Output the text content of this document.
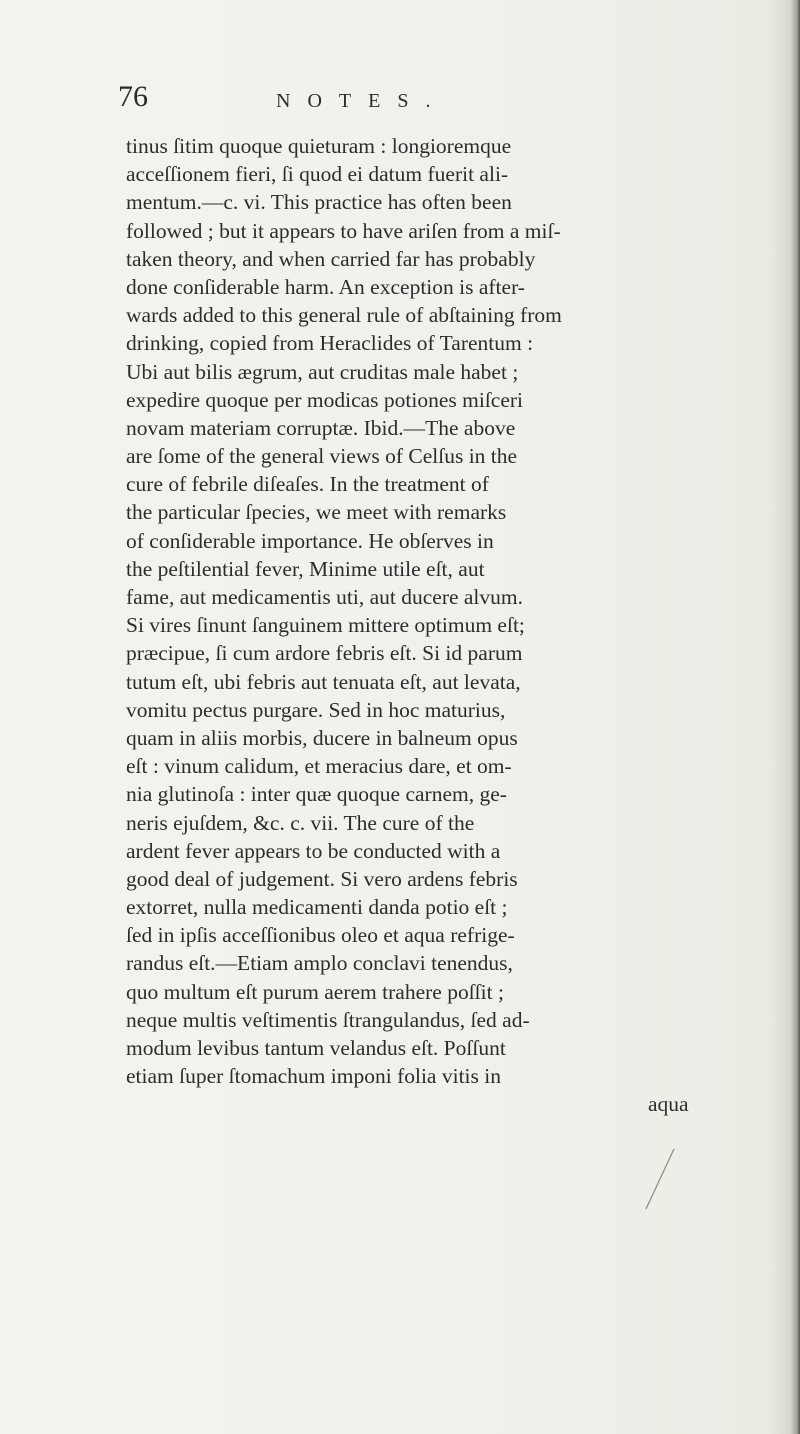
76	NOTES.
tinus ſitim quoque quieturam : longioremque
acceſſionem fieri, ſi quod ei datum fuerit ali-
mentum.—c. vi. This practice has often been
followed ; but it appears to have ariſen from a miſ-
taken theory, and when carried far has probably
done conſiderable harm. An exception is after-
wards added to this general rule of abſtaining from
drinking, copied from Heraclides of Tarentum :
Ubi aut bilis ægrum, aut cruditas male habet ;
expedire quoque per modicas potiones miſceri
novam materiam corruptæ. Ibid.—The above
are ſome of the general views of Celſus in the
cure of febrile diſeaſes. In the treatment of
the particular ſpecies, we meet with remarks
of conſiderable importance. He obſerves in
the peſtilential fever, Minime utile eſt, aut
fame, aut medicamentis uti, aut ducere alvum.
Si vires ſinunt ſanguinem mittere optimum eſt;
præcipue, ſi cum ardore febris eſt. Si id parum
tutum eſt, ubi febris aut tenuata eſt, aut levata,
vomitu pectus purgare. Sed in hoc maturius,
quam in aliis morbis, ducere in balneum opus
eſt : vinum calidum, et meracius dare, et om-
nia glutinoſa : inter quæ quoque carnem, ge-
neris ejuſdem, &c. c. vii. The cure of the
ardent fever appears to be conducted with a
good deal of judgement. Si vero ardens febris
extorret, nulla medicamenti danda potio eſt ;
ſed in ipſis acceſſionibus oleo et aqua refrige-
randus eſt.—Etiam amplo conclavi tenendus,
quo multum eſt purum aerem trahere poſſit ;
neque multis veſtimentis ſtrangulandus, ſed ad-
modum levibus tantum velandus eſt. Poſſunt
etiam ſuper ſtomachum imponi folia vitis in
aqua
